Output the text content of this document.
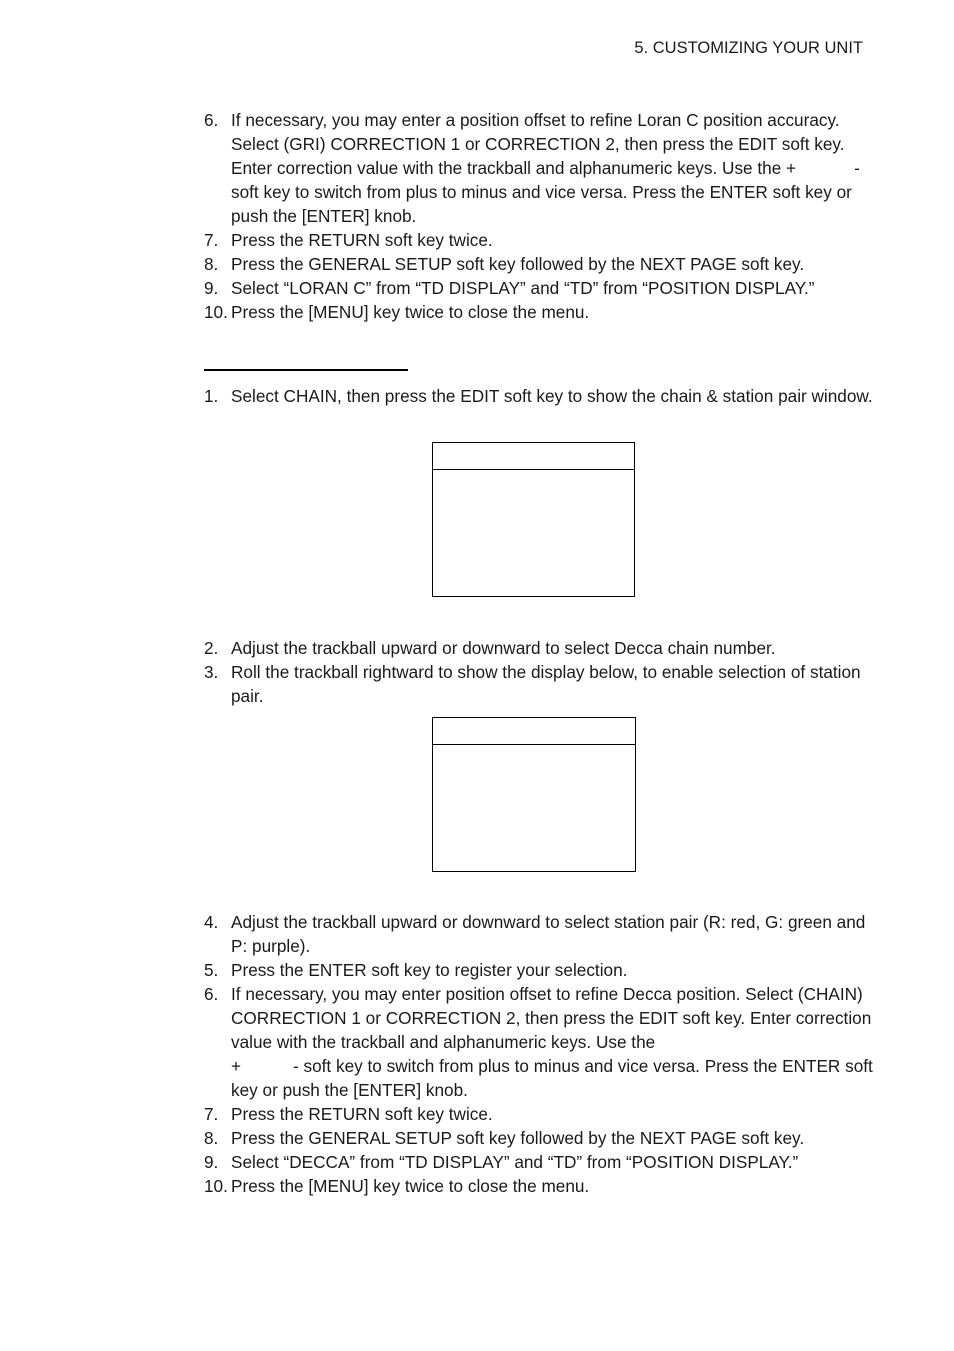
5. CUSTOMIZING YOUR UNIT
6. If necessary, you may enter a position offset to refine Loran C position accuracy. Select (GRI) CORRECTION 1 or CORRECTION 2, then press the EDIT soft key. Enter correction value with the trackball and alphanumeric keys. Use the +	- soft key to switch from plus to minus and vice versa. Press the ENTER soft key or push the [ENTER] knob.
7. Press the RETURN soft key twice.
8. Press the GENERAL SETUP soft key followed by the NEXT PAGE soft key.
9. Select “LORAN C” from “TD DISPLAY” and “TD” from “POSITION DISPLAY.”
10. Press the [MENU] key twice to close the menu.
1. Select CHAIN, then press the EDIT soft key to show the chain & station pair window.
2. Adjust the trackball upward or downward to select Decca chain number.
3. Roll the trackball rightward to show the display below, to enable selection of station pair.
4. Adjust the trackball upward or downward to select station pair (R: red, G: green and P: purple).
5. Press the ENTER soft key to register your selection.
6. If necessary, you may enter position offset to refine Decca position. Select (CHAIN) CORRECTION 1 or CORRECTION 2, then press the EDIT soft key. Enter correction value with the trackball and alphanumeric keys. Use the
+	- soft key to switch from plus to minus and vice versa. Press the ENTER soft key or push the [ENTER] knob.
7. Press the RETURN soft key twice.
8. Press the GENERAL SETUP soft key followed by the NEXT PAGE soft key.
9. Select “DECCA” from “TD DISPLAY” and “TD” from “POSITION DISPLAY.”
10. Press the [MENU] key twice to close the menu.
